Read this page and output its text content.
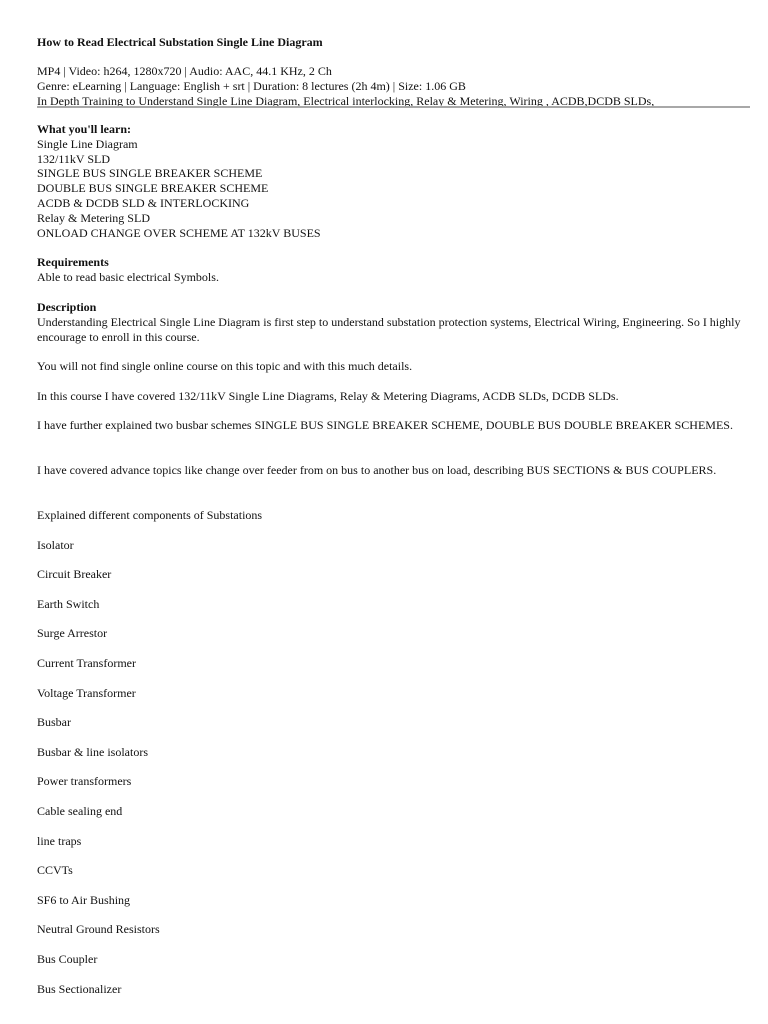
How to Read Electrical Substation Single Line Diagram
MP4 | Video: h264, 1280x720 | Audio: AAC, 44.1 KHz, 2 Ch
Genre: eLearning | Language: English + srt | Duration: 8 lectures (2h 4m) | Size: 1.06 GB
In Depth Training to Understand Single Line Diagram, Electrical interlocking, Relay & Metering, Wiring , ACDB,DCDB SLDs,
What you'll learn:
Single Line Diagram
132/11kV SLD
SINGLE BUS SINGLE BREAKER SCHEME
DOUBLE BUS SINGLE BREAKER SCHEME
ACDB & DCDB SLD & INTERLOCKING
Relay & Metering SLD
ONLOAD CHANGE OVER SCHEME AT 132kV BUSES
Requirements
Able to read basic electrical Symbols.
Description
Understanding Electrical Single Line Diagram is first step to understand substation protection systems, Electrical Wiring, Engineering. So I highly encourage to enroll in this course.
You will not find single online course on this topic and with this much details.
In this course I have covered 132/11kV Single Line Diagrams, Relay & Metering Diagrams, ACDB SLDs, DCDB SLDs.
I have further explained two busbar schemes SINGLE BUS SINGLE BREAKER SCHEME, DOUBLE BUS DOUBLE BREAKER SCHEMES.
I have covered advance topics like change over feeder from on bus to another bus on load, describing BUS SECTIONS & BUS COUPLERS.
Explained different components of Substations
Isolator
Circuit Breaker
Earth Switch
Surge Arrestor
Current Transformer
Voltage Transformer
Busbar
Busbar & line isolators
Power transformers
Cable sealing end
line traps
CCVTs
SF6 to Air Bushing
Neutral Ground Resistors
Bus Coupler
Bus Sectionalizer
